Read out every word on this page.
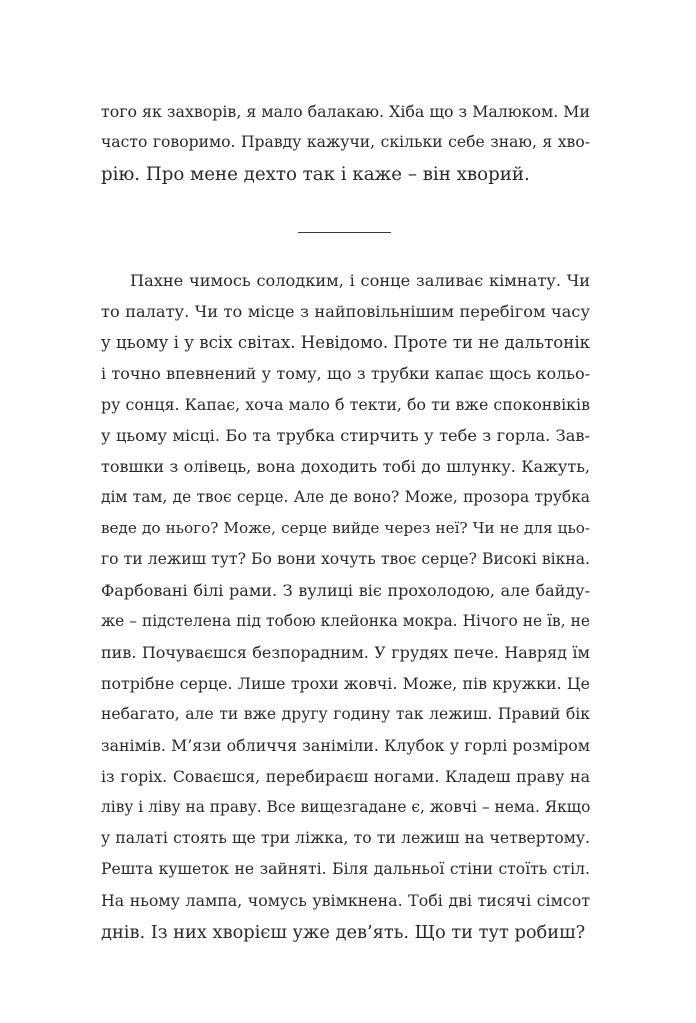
того як захворів, я мало балакаю. Хіба що з Малюком. Ми
часто говоримо. Правду кажучи, скільки себе знаю, я хво-
рію. Про мене дехто так і каже – він хворий.
Пахне чимось солодким, і сонце заливає кімнату. Чи
то палату. Чи то місце з найповільнішим перебігом часу
у цьому і у всіх світах. Невідомо. Проте ти не дальтонік
і точно впевнений у тому, що з трубки капає щось кольо-
ру сонця. Капає, хоча мало б текти, бо ти вже споконвіків
у цьому місці. Бо та трубка стирчить у тебе з горла. Зав-
товшки з олівець, вона доходить тобі до шлунку. Кажуть,
дім там, де твоє серце. Але де воно? Може, прозора трубка
веде до нього? Може, серце вийде через неї? Чи не для цьо-
го ти лежиш тут? Бо вони хочуть твоє серце? Високі вікна.
Фарбовані білі рами. З вулиці віє прохолодою, але байду-
же – підстелена під тобою клейонка мокра. Нічого не їв, не
пив. Почуваєшся безпорадним. У грудях пече. Навряд їм
потрібне серце. Лише трохи жовчі. Може, пів кружки. Це
небагато, але ти вже другу годину так лежиш. Правий бік
занімів. М’язи обличчя заніміли. Клубок у горлі розміром
із горіх. Соваєшся, перебираєш ногами. Кладеш праву на
ліву і ліву на праву. Все вищезгадане є, жовчі – нема. Якщо
у палаті стоять ще три ліжка, то ти лежиш на четвертому.
Решта кушеток не зайняті. Біля дальньої стіни стоїть стіл.
На ньому лампа, чомусь увімкнена. Тобі дві тисячі сімсот
днів. Із них хворієш уже дев’ять. Що ти тут робиш?
